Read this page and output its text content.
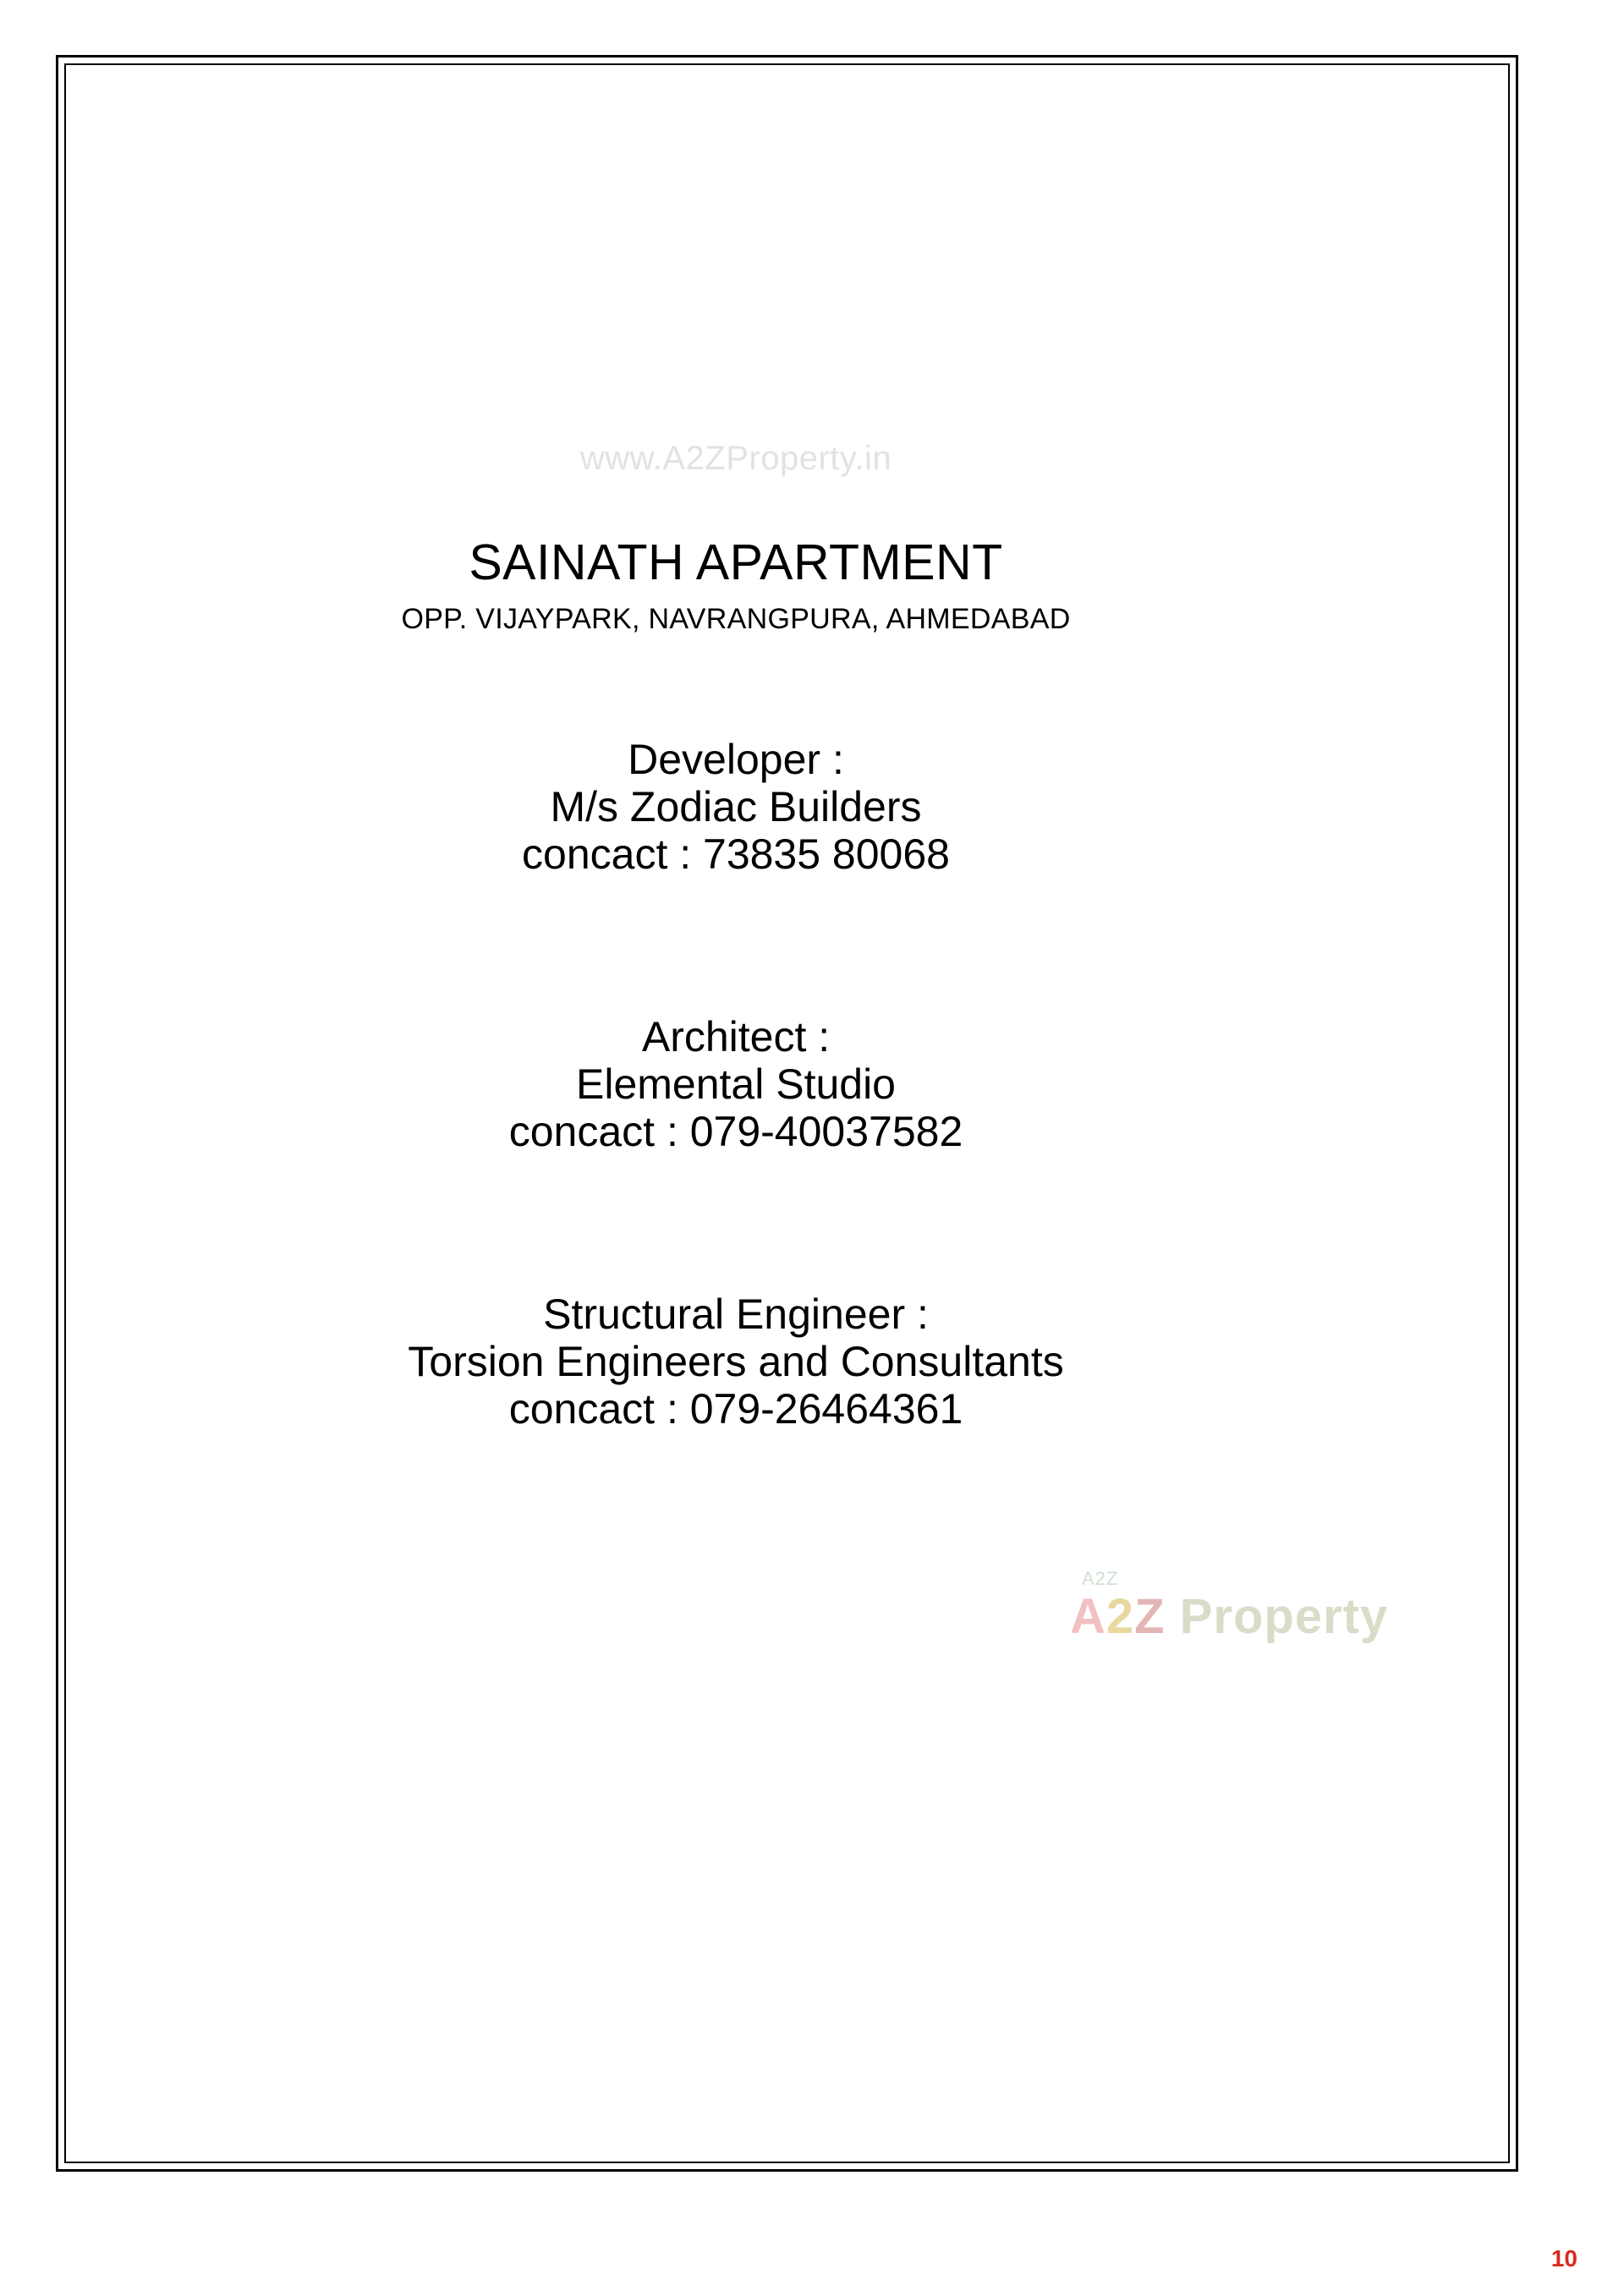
www.A2ZProperty.in
SAINATH APARTMENT
OPP. VIJAYPARK, NAVRANGPURA, AHMEDABAD
Developer :
M/s Zodiac Builders
concact : 73835 80068
Architect :
Elemental Studio
concact : 079-40037582
Structural Engineer :
Torsion Engineers and Consultants
concact : 079-26464361
A2Z
A2Z Property
10
